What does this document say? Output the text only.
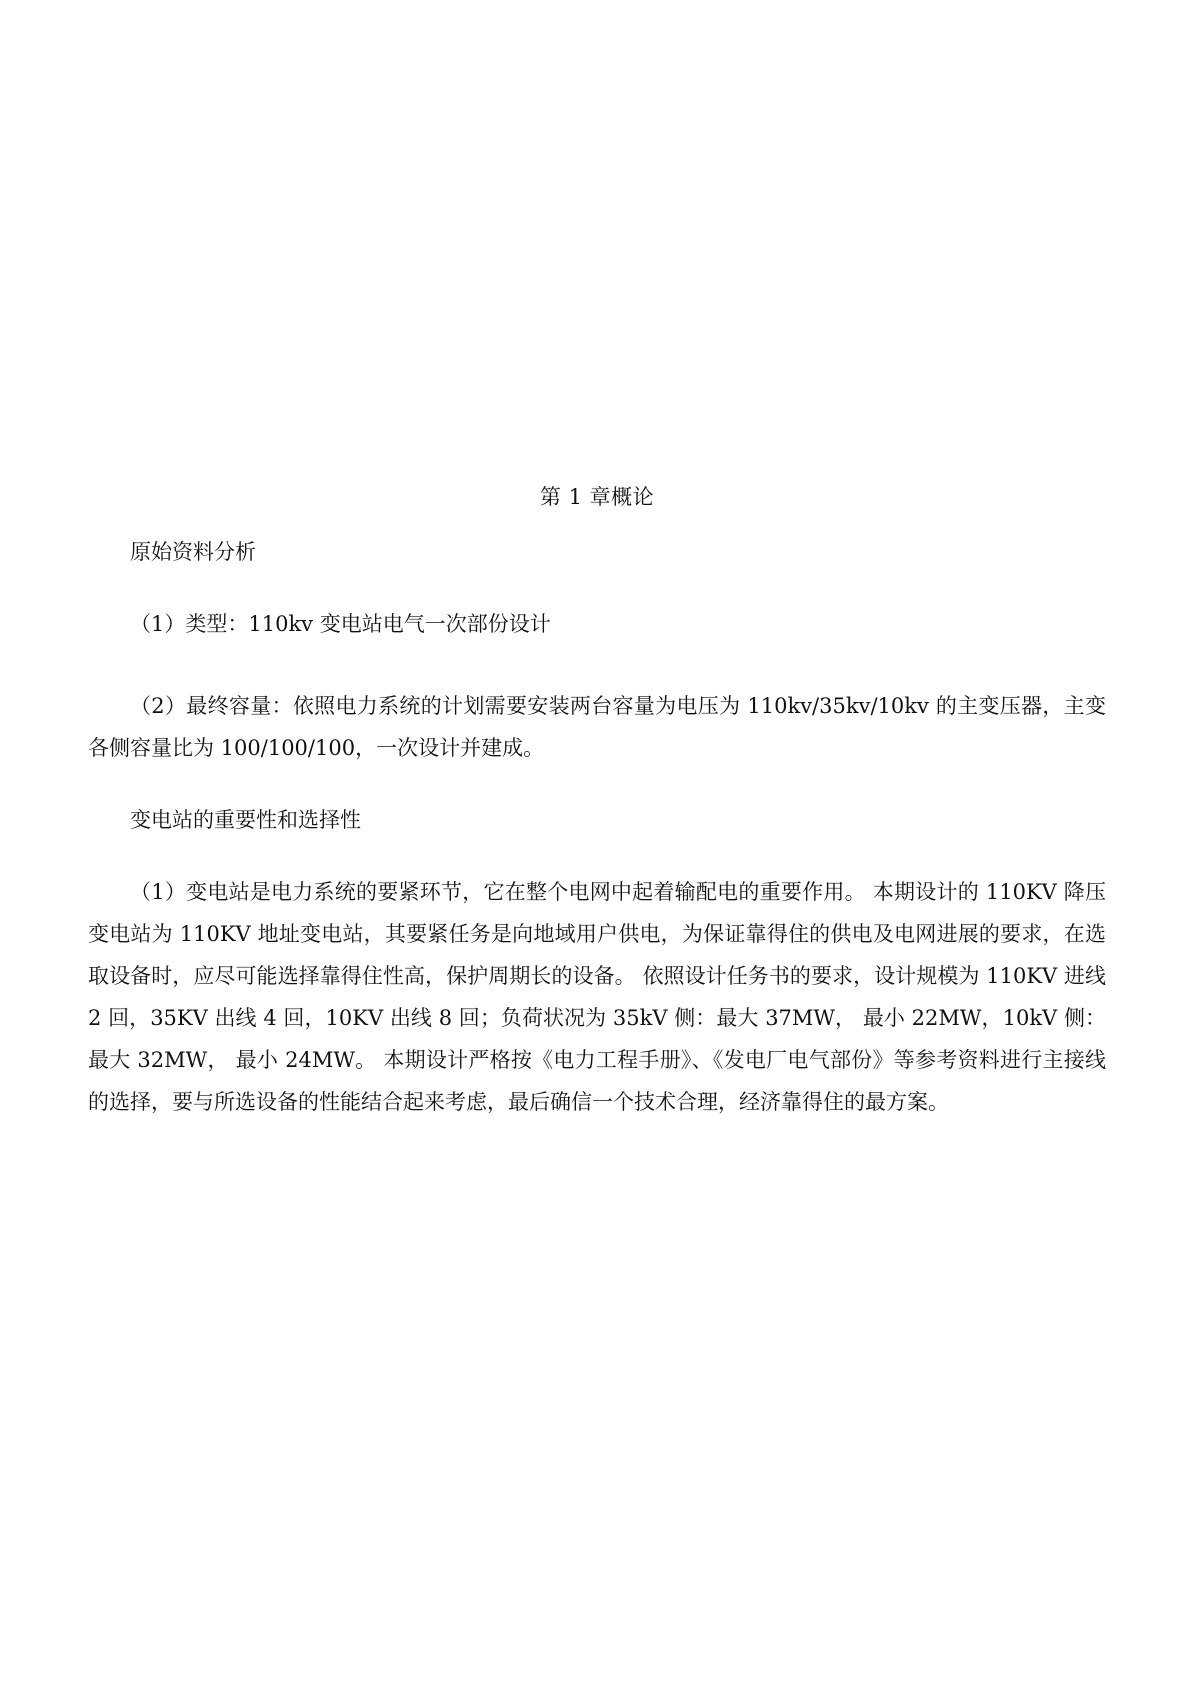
第 1 章概论
原始资料分析

（1）类型：110kv 变电站电气一次部份设计

（2）最终容量：依照电力系统的计划需要安装两台容量为电压为 110kv/35kv/10kv 的主变压器，主变各侧容量比为 100/100/100，一次设计并建成。

变电站的重要性和选择性

（1）变电站是电力系统的要紧环节，它在整个电网中起着输配电的重要作用。 本期设计的 110KV 降压变电站为 110KV 地址变电站，其要紧任务是向地域用户供电，为保证靠得住的供电及电网进展的要求，在选取设备时，应尽可能选择靠得住性高，保护周期长的设备。 依照设计任务书的要求，设计规模为 110KV 进线 2 回，35KV 出线 4 回，10KV 出线 8 回；负荷状况为 35kV 侧：最大 37MW， 最小 22MW，10kV 侧：最大 32MW， 最小 24MW。 本期设计严格按《电力工程手册》、《发电厂电气部份》等参考资料进行主接线的选择，要与所选设备的性能结合起来考虑，最后确信一个技术合理，经济靠得住的最方案。
